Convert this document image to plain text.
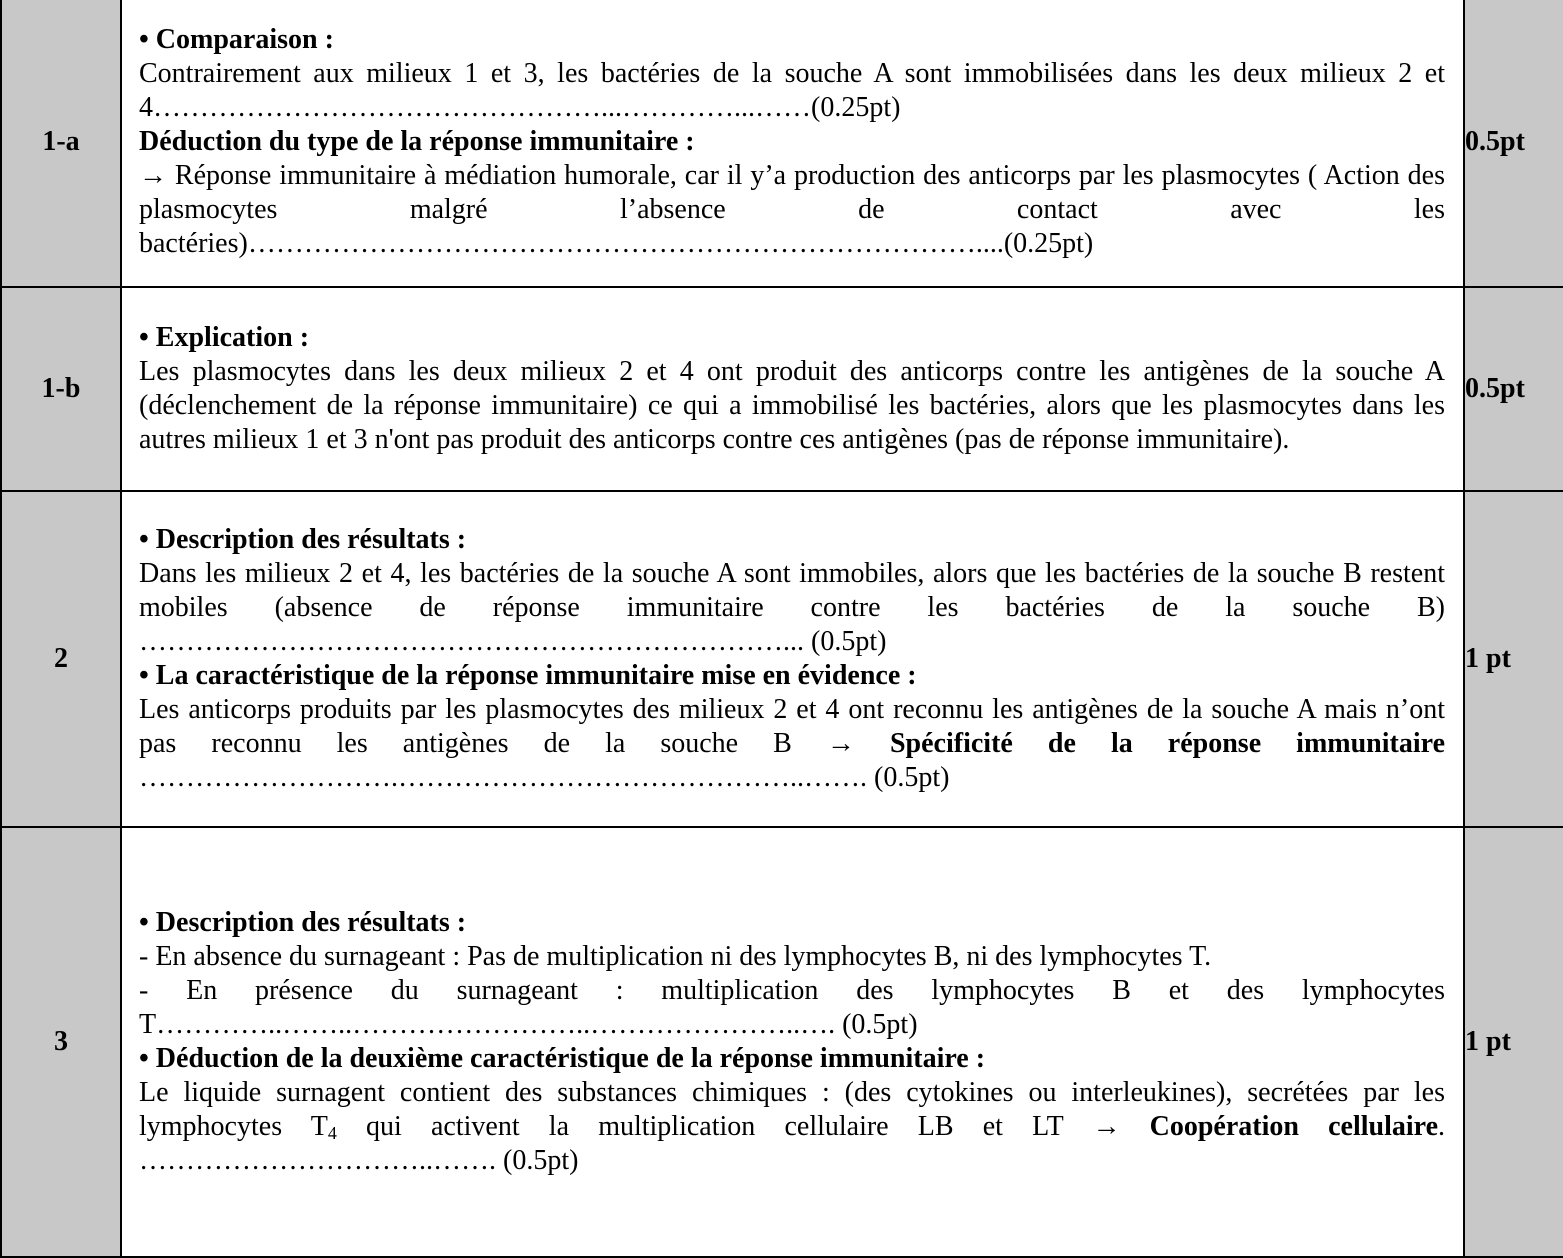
1-a	• Comparaison :

Contrairement aux milieux 1 et 3, les bactéries de la souche A sont immobilisées dans les deux milieux 2 et 4…………………………………………...…………...……(0.25pt)

Déduction du type de la réponse immunitaire :

→ Réponse immunitaire à médiation humorale, car il y’a production des anticorps par les plasmocytes ( Action des plasmocytes malgré l’absence de contact avec les bactéries)……………………………………………………………………....(0.25pt)	0.5pt
1-b	• Explication :

Les plasmocytes dans les deux milieux 2 et 4 ont produit des anticorps contre les antigènes de la souche A (déclenchement de la réponse immunitaire) ce qui a immobilisé les bactéries, alors que les plasmocytes dans les autres milieux 1 et 3 n'ont pas produit des anticorps contre ces antigènes (pas de réponse immunitaire).	0.5pt
2	• Description des résultats :

Dans les milieux 2 et 4, les bactéries de la souche A sont immobiles, alors que les bactéries de la souche B restent mobiles (absence de réponse immunitaire contre les bactéries de la souche B) ……………………………………………………………... (0.5pt)

• La caractéristique de la réponse immunitaire mise en évidence :

Les anticorps produits par les plasmocytes des milieux 2 et 4 ont reconnu les antigènes de la souche A mais n’ont pas reconnu les antigènes de la souche B → Spécificité de la réponse immunitaire ……………………….……………………………………..……. (0.5pt)	1 pt
3	• Description des résultats :

- En absence du surnageant : Pas de multiplication ni des lymphocytes B, ni des lymphocytes T.

- En présence du surnageant : multiplication des lymphocytes B et des lymphocytes T…………..……..……………………..…………………..…. (0.5pt)

• Déduction de la deuxième caractéristique de la réponse immunitaire :

Le liquide surnagent contient des substances chimiques : (des cytokines ou interleukines), secrétées par les lymphocytes $T_4$ qui activent la multiplication cellulaire LB et LT → Coopération cellulaire. …………………………..……. (0.5pt)	1 pt
